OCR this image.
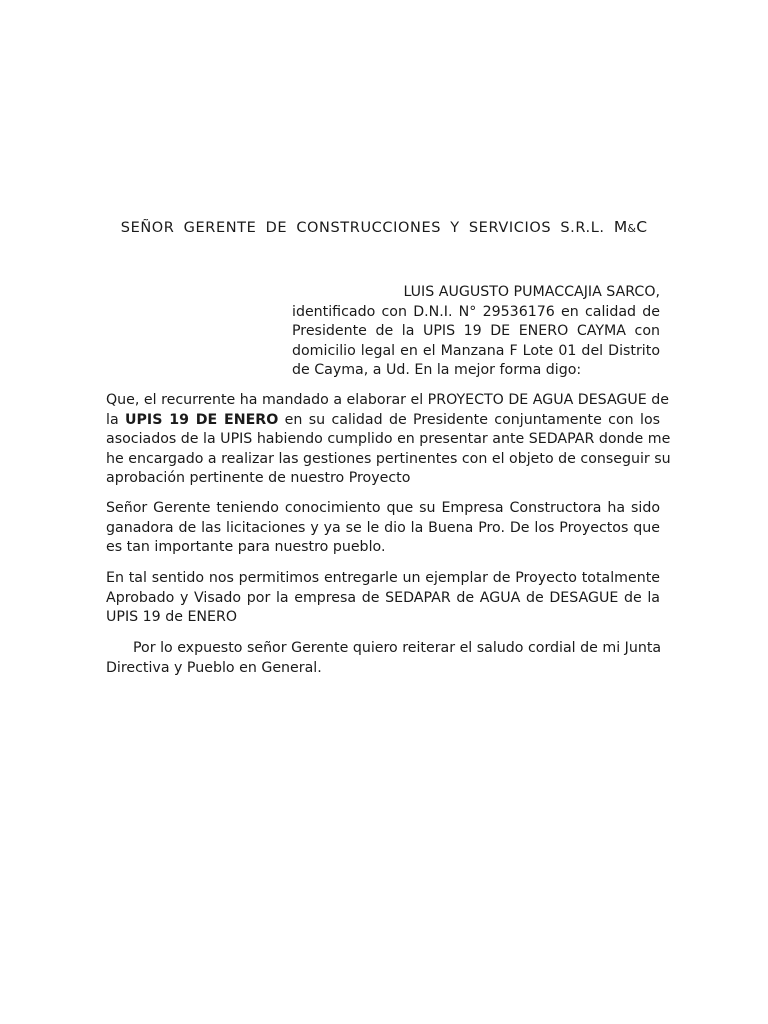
SEÑOR GERENTE DE CONSTRUCCIONES Y SERVICIOS S.R.L. M&C
LUIS AUGUSTO PUMACCAJIA SARCO,
identificado con D.N.I. N° 29536176 en calidad de
Presidente de la UPIS 19 DE ENERO CAYMA con
domicilio legal en el Manzana F Lote 01 del Distrito
de Cayma, a Ud. En la mejor forma digo:
Que, el recurrente ha mandado a elaborar el PROYECTO DE AGUA DESAGUE de
la UPIS 19 DE ENERO en su calidad de Presidente conjuntamente con los
asociados de la UPIS habiendo cumplido en presentar ante SEDAPAR donde me
he encargado a realizar las gestiones pertinentes con el objeto de conseguir su
aprobación pertinente de nuestro Proyecto
Señor Gerente teniendo conocimiento que su Empresa Constructora ha sido
ganadora de las licitaciones y ya se le dio la Buena Pro. De los Proyectos que
es tan importante para nuestro pueblo.
En tal sentido nos permitimos entregarle un ejemplar de Proyecto totalmente
Aprobado y Visado por la empresa de SEDAPAR de AGUA de DESAGUE de la
UPIS 19 de ENERO
Por lo expuesto señor Gerente quiero reiterar el saludo cordial de mi Junta
Directiva y Pueblo en General.
